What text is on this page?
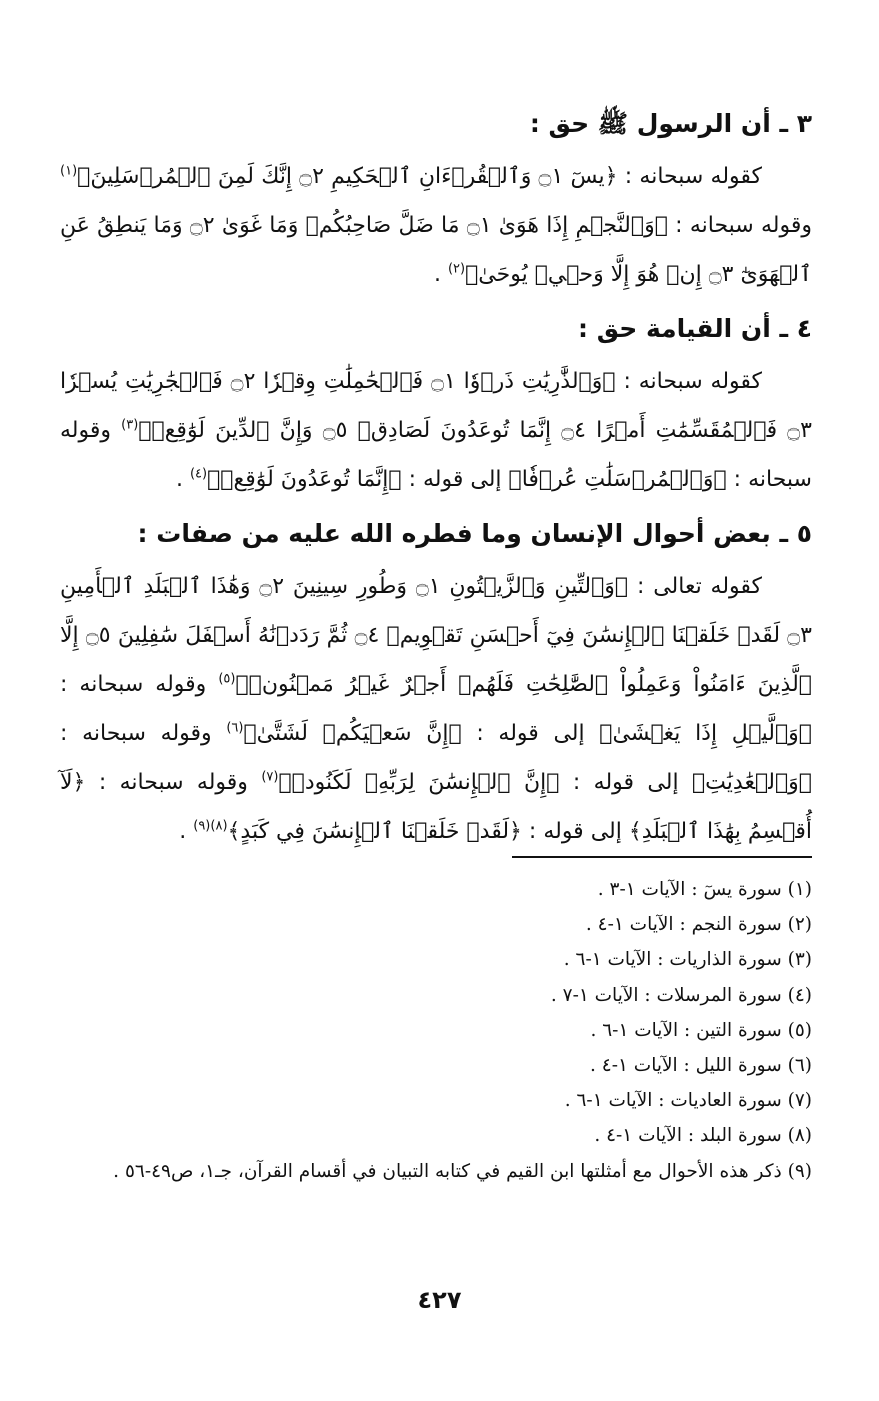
٣ ـ أن الرسول ﷺ حق :

كقوله سبحانه : ﴿يسٓ ۝١ وَٱلۡقُرۡءَانِ ٱلۡحَكِيمِ ۝٢ إِنَّكَ لَمِنَ ٱلۡمُرۡسَلِينَ﴾$^{(١)}$ وقوله سبحانه : ﴿وَٱلنَّجۡمِ إِذَا هَوَىٰ ۝١ مَا ضَلَّ صَاحِبُكُمۡ وَمَا غَوَىٰ ۝٢ وَمَا يَنطِقُ عَنِ ٱلۡهَوَىٰٓ ۝٣ إِنۡ هُوَ إِلَّا وَحۡيٞ يُوحَىٰ﴾$^{(٢)}$ .

٤ ـ أن القيامة حق :

كقوله سبحانه : ﴿وَٱلذَّٰرِيَٰتِ ذَرۡوٗا ۝١ فَٱلۡحَٰمِلَٰتِ وِقۡرٗا ۝٢ فَٱلۡجَٰرِيَٰتِ يُسۡرٗا ۝٣ فَٱلۡمُقَسِّمَٰتِ أَمۡرًا ۝٤ إِنَّمَا تُوعَدُونَ لَصَادِقٞ ۝٥ وَإِنَّ ٱلدِّينَ لَوَٰقِعٞ﴾$^{(٣)}$ وقوله سبحانه : ﴿وَٱلۡمُرۡسَلَٰتِ عُرۡفٗا﴾ إلى قوله : ﴿إِنَّمَا تُوعَدُونَ لَوَٰقِعٞ﴾$^{(٤)}$ .

٥ ـ بعض أحوال الإنسان وما فطره الله عليه من صفات :

كقوله تعالى : ﴿وَٱلتِّينِ وَٱلزَّيۡتُونِ ۝١ وَطُورِ سِينِينَ ۝٢ وَهَٰذَا ٱلۡبَلَدِ ٱلۡأَمِينِ ۝٣ لَقَدۡ خَلَقۡنَا ٱلۡإِنسَٰنَ فِيٓ أَحۡسَنِ تَقۡوِيمٖ ۝٤ ثُمَّ رَدَدۡنَٰهُ أَسۡفَلَ سَٰفِلِينَ ۝٥ إِلَّا ٱلَّذِينَ ءَامَنُواْ وَعَمِلُواْ ٱلصَّٰلِحَٰتِ فَلَهُمۡ أَجۡرٌ غَيۡرُ مَمۡنُونٖ﴾$^{(٥)}$ وقوله سبحانه : ﴿وَٱلَّيۡلِ إِذَا يَغۡشَىٰ﴾ إلى قوله : ﴿إِنَّ سَعۡيَكُمۡ لَشَتَّىٰ﴾$^{(٦)}$ وقوله سبحانه : ﴿وَٱلۡعَٰدِيَٰتِ﴾ إلى قوله : ﴿إِنَّ ٱلۡإِنسَٰنَ لِرَبِّهِۦ لَكَنُودٞ﴾$^{(٧)}$ وقوله سبحانه : ﴿لَآ أُقۡسِمُ بِهَٰذَا ٱلۡبَلَدِ﴾ إلى قوله : ﴿لَقَدۡ خَلَقۡنَا ٱلۡإِنسَٰنَ فِي كَبَدٍ﴾$^{(٨)(٩)}$ .

(١) سورة يسٓ : الآيات ١-٣ .

(٢) سورة النجم : الآيات ١-٤ .

(٣) سورة الذاريات : الآيات ١-٦ .

(٤) سورة المرسلات : الآيات ١-٧ .

(٥) سورة التين : الآيات ١-٦ .

(٦) سورة الليل : الآيات ١-٤ .

(٧) سورة العاديات : الآيات ١-٦ .

(٨) سورة البلد : الآيات ١-٤ .

(٩) ذكر هذه الأحوال مع أمثلتها ابن القيم في كتابه التبيان في أقسام القرآن، جـ١، ص٤٩-٥٦ .

٤٢٧
